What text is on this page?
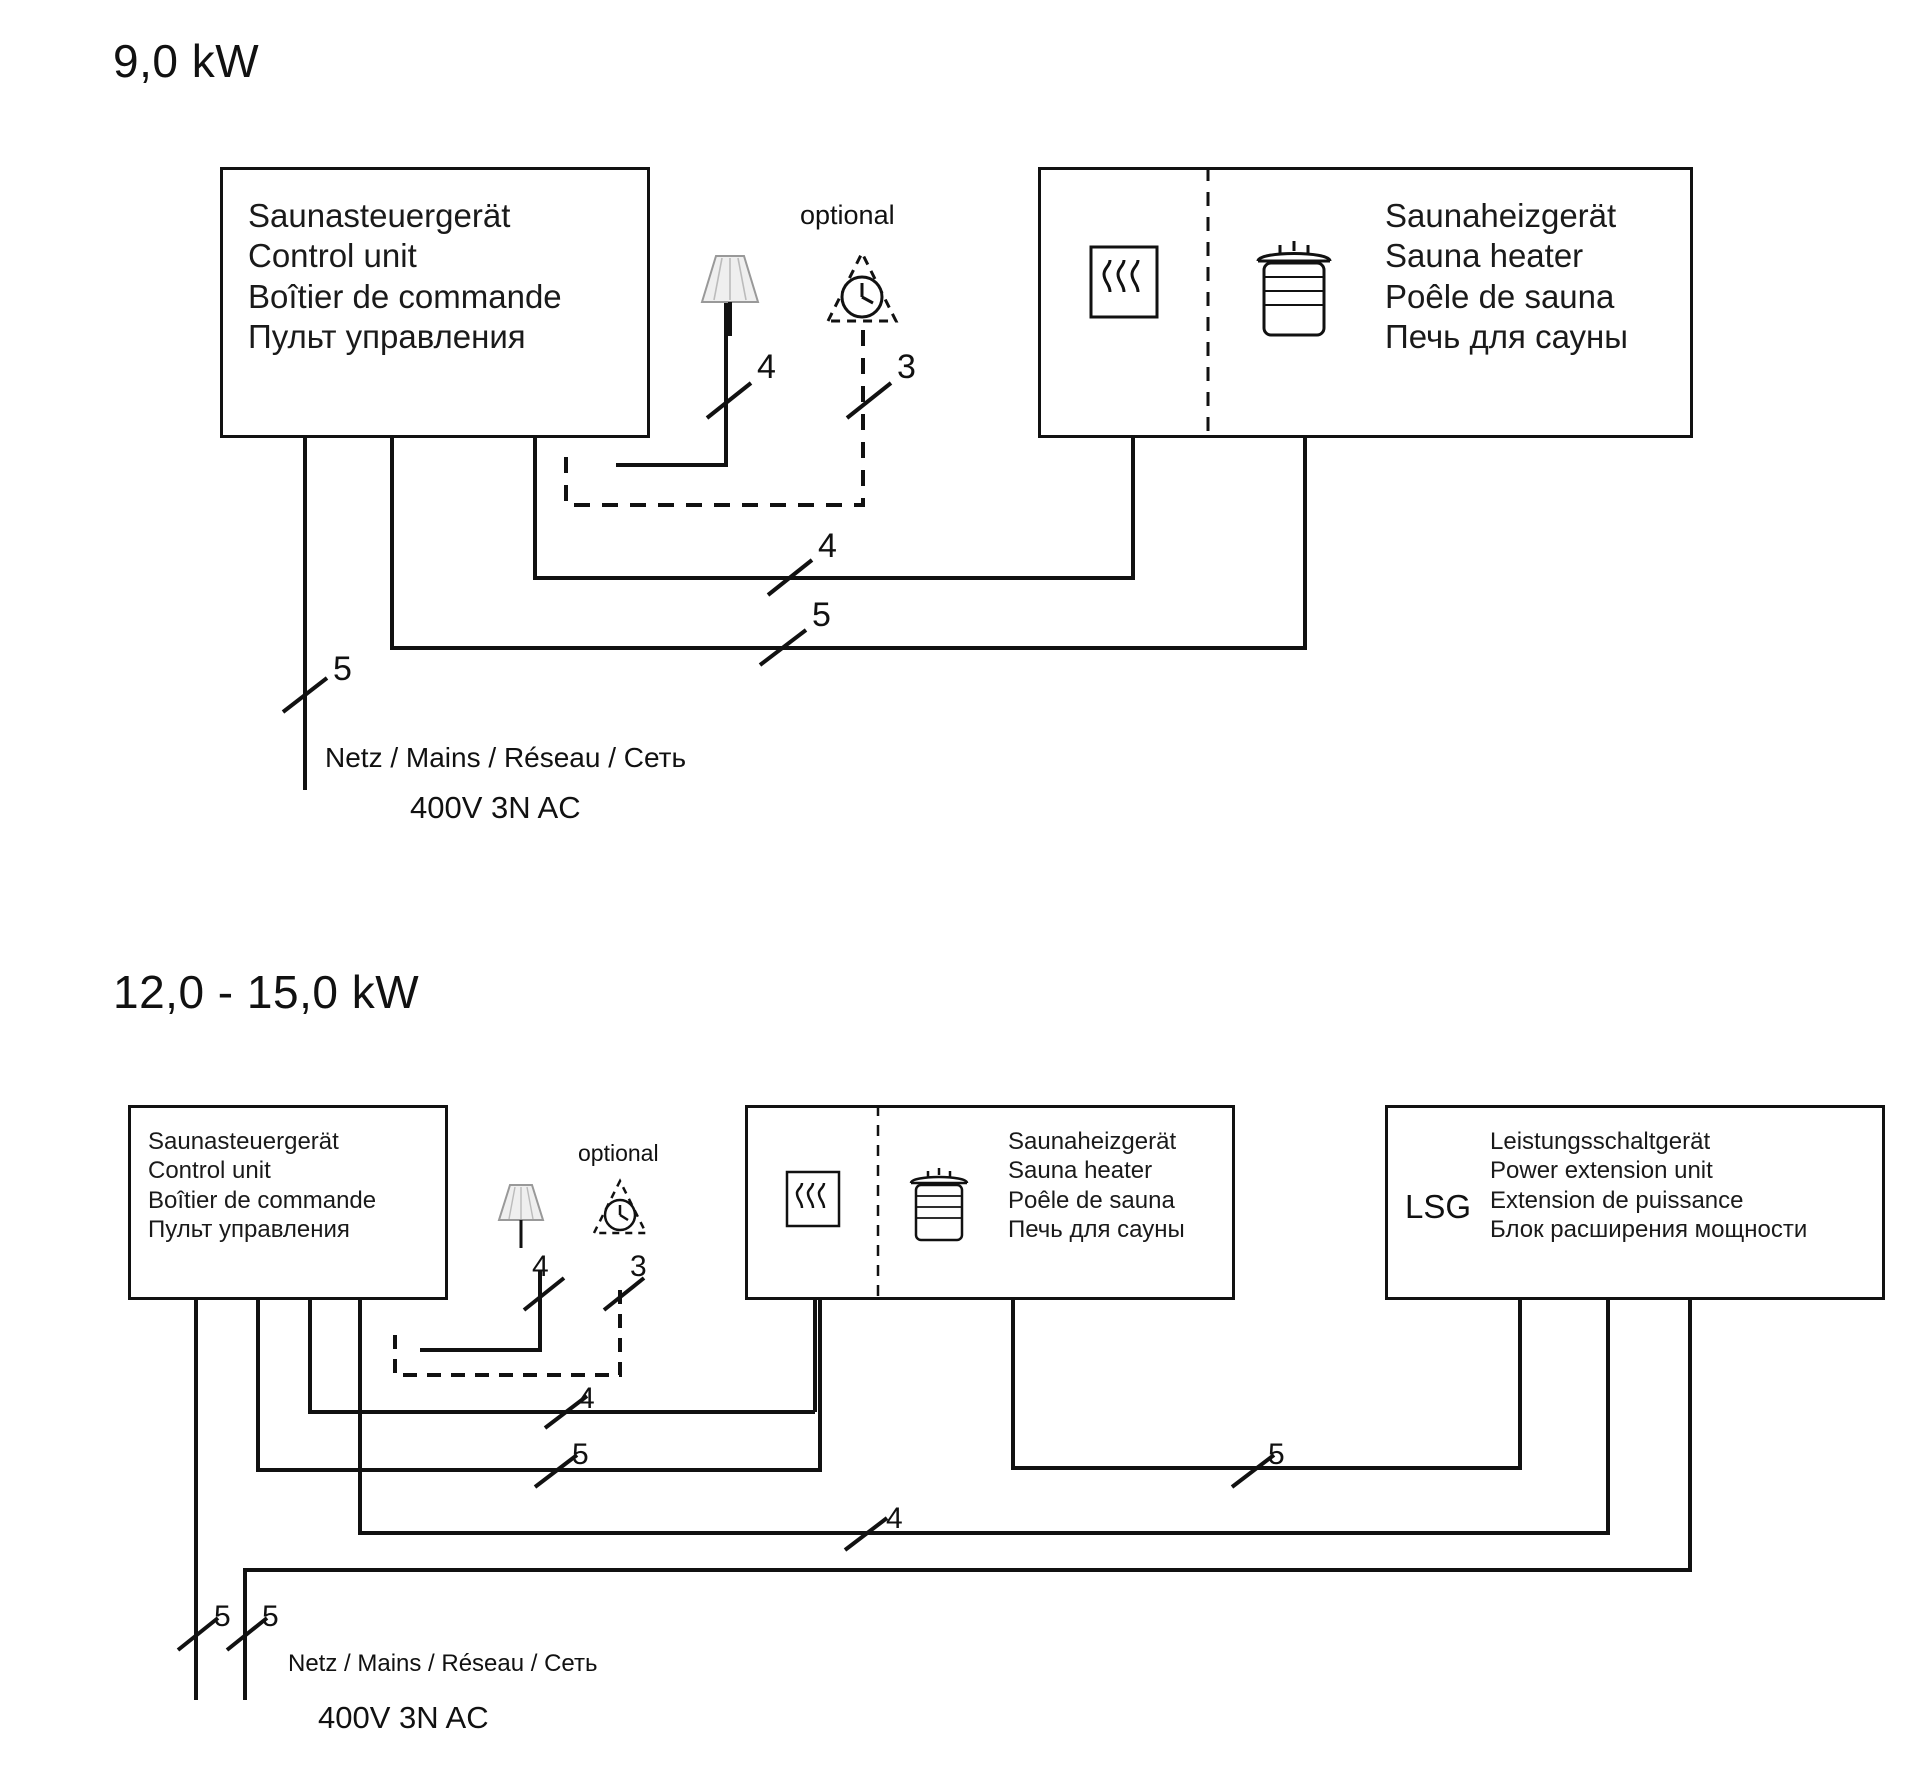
9,0 kW
Saunasteuergerät
Control unit
Boîtier de commande
Пульт управления
optional	Saunaheizgerät
Sauna heater
Poêle de sauna
Печь для сауны
4	3
4
5
5
Netz / Mains / Réseau / Сеть
400V 3N AC
12,0 - 15,0 kW
Saunasteuergerät
Control unit
Boîtier de commande
Пульт управления
optional	Saunaheizgerät
Sauna heater
Poêle de sauna
Печь для сауны
LSG
Leistungsschaltgerät
Power extension unit
Extension de puissance
Блок расширения мощности
4	3
4
5	5
4
5 5
Netz / Mains / Réseau / Сеть
400V 3N AC
